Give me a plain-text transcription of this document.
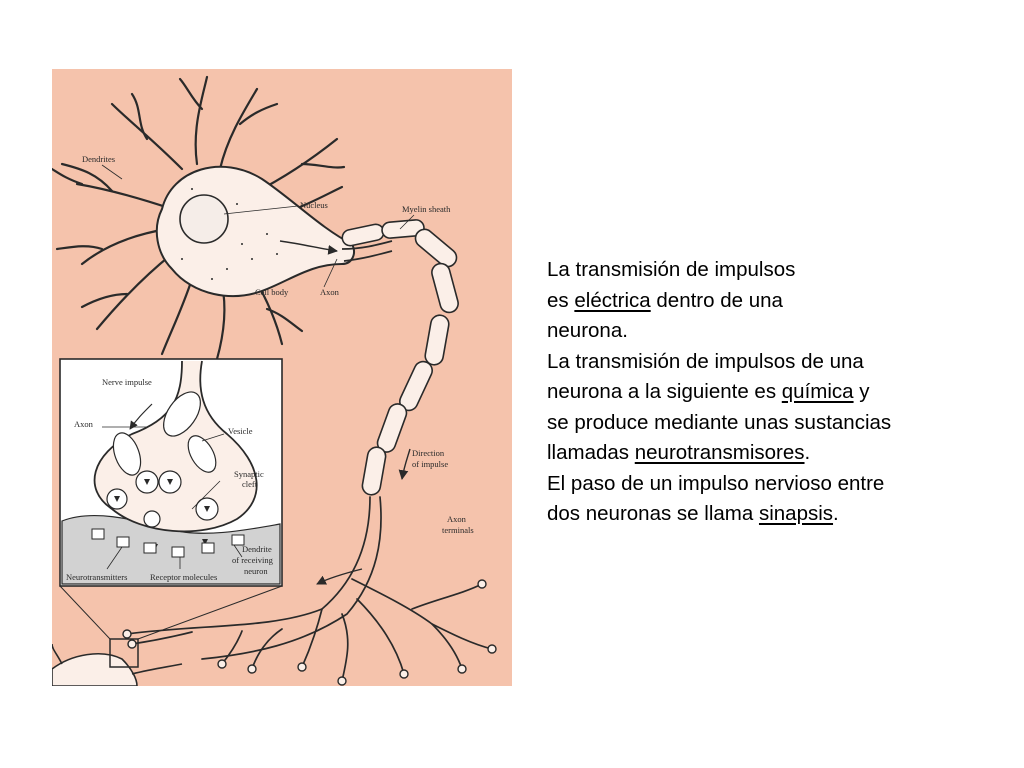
Dendrites
Nucleus	Myelin sheath
Cell body	Axon
Direction
of impulse
Axon
terminals
Nerve impulse
Axon
Vesicle
Synaptic
cleft
Dendrite
of receiving
neuron
Neurotransmitters	Receptor molecules

La transmisión de impulsos
es eléctrica dentro de una
neurona.

La transmisión de impulsos de una
neurona a la siguiente es química y
se produce mediante unas sustancias
llamadas neurotransmisores.

El paso de un impulso nervioso entre
dos neuronas se llama sinapsis.
